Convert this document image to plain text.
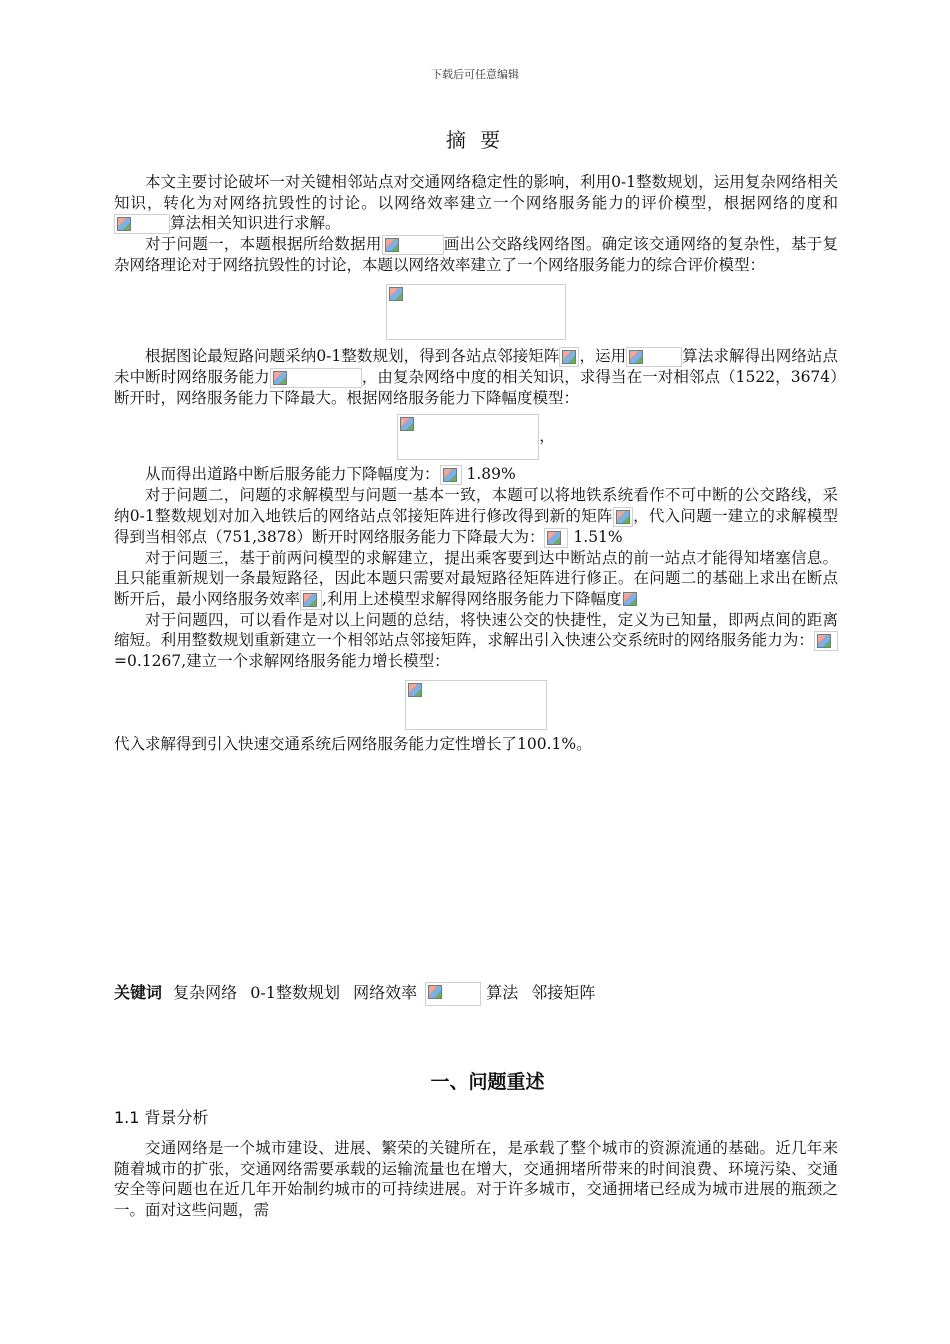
下载后可任意编辑
摘 要

本文主要讨论破坏一对关键相邻站点对交通网络稳定性的影响，利用0-1整数规划，运用复杂网络相关知识，转化为对网络抗毁性的讨论。以网络效率建立一个网络服务能力的评价模型，根据网络的度和算法相关知识进行求解。

对于问题一，本题根据所给数据用	画出公交路线网络图。确定该交通网络的复杂性，基于复杂网络理论对于网络抗毁性的讨论，本题以网络效率建立了一个网络服务能力的综合评价模型：

根据图论最短路问题采纳0-1整数规划，得到各站点邻接矩阵 ，运用	算法求解得出网络站点未中断时网络服务能力	，由复杂网络中度的相关知识，求得当在一对相邻点（1522，3674）断开时，网络服务能力下降最大。根据网络服务能力下降幅度模型：

，

从而得出道路中断后服务能力下降幅度为： 1.89%

对于问题二，问题的求解模型与问题一基本一致，本题可以将地铁系统看作不可中断的公交路线，采纳0-1整数规划对加入地铁后的网络站点邻接矩阵进行修改得到新的矩阵 ，代入问题一建立的求解模型得到当相邻点（751,3878）断开时网络服务能力下降最大为： 1.51%

对于问题三，基于前两问模型的求解建立，提出乘客要到达中断站点的前一站点才能得知堵塞信息。且只能重新规划一条最短路径，因此本题只需要对最短路径矩阵进行修正。在问题二的基础上求出在断点断开后，最小网络服务效率 ,利用上述模型求解得网络服务能力下降幅度

对于问题四，可以看作是对以上问题的总结，将快速公交的快捷性，定义为已知量，即两点间的距离缩短。利用整数规划重新建立一个相邻站点邻接矩阵，求解出引入快速公交系统时的网络服务能力为：=0.1267,建立一个求解网络服务能力增长模型：

代入求解得到引入快速交通系统后网络服务能力定性增长了100.1%。

关键词 复杂网络 0-1整数规划 网络效率	算法 邻接矩阵
一、问题重述
1.1 背景分析

交通网络是一个城市建设、进展、繁荣的关键所在，是承载了整个城市的资源流通的基础。近几年来随着城市的扩张，交通网络需要承载的运输流量也在增大，交通拥堵所带来的时间浪费、环境污染、交通安全等问题也在近几年开始制约城市的可持续进展。对于许多城市，交通拥堵已经成为城市进展的瓶颈之一。面对这些问题，需
